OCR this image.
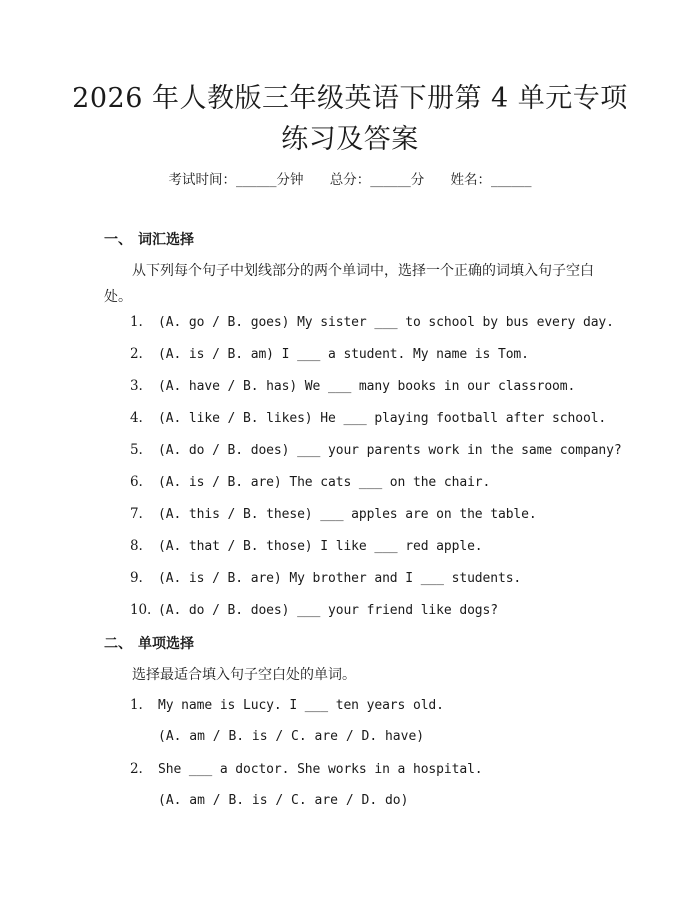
2026 年人教版三年级英语下册第 4 单元专项练习及答案
考试时间：______分钟 总分：______分 姓名：______
一、 词汇选择
从下列每个句子中划线部分的两个单词中，选择一个正确的词填入句子空白处。
1. (A. go / B. goes) My sister ___ to school by bus every day.
2. (A. is / B. am) I ___ a student. My name is Tom.
3. (A. have / B. has) We ___ many books in our classroom.
4. (A. like / B. likes) He ___ playing football after school.
5. (A. do / B. does) ___ your parents work in the same company?
6. (A. is / B. are) The cats ___ on the chair.
7. (A. this / B. these) ___ apples are on the table.
8. (A. that / B. those) I like ___ red apple.
9. (A. is / B. are) My brother and I ___ students.
10. (A. do / B. does) ___ your friend like dogs?
二、 单项选择
选择最适合填入句子空白处的单词。
1. My name is Lucy. I ___ ten years old.
(A. am / B. is / C. are / D. have)
2. She ___ a doctor. She works in a hospital.
(A. am / B. is / C. are / D. do)
